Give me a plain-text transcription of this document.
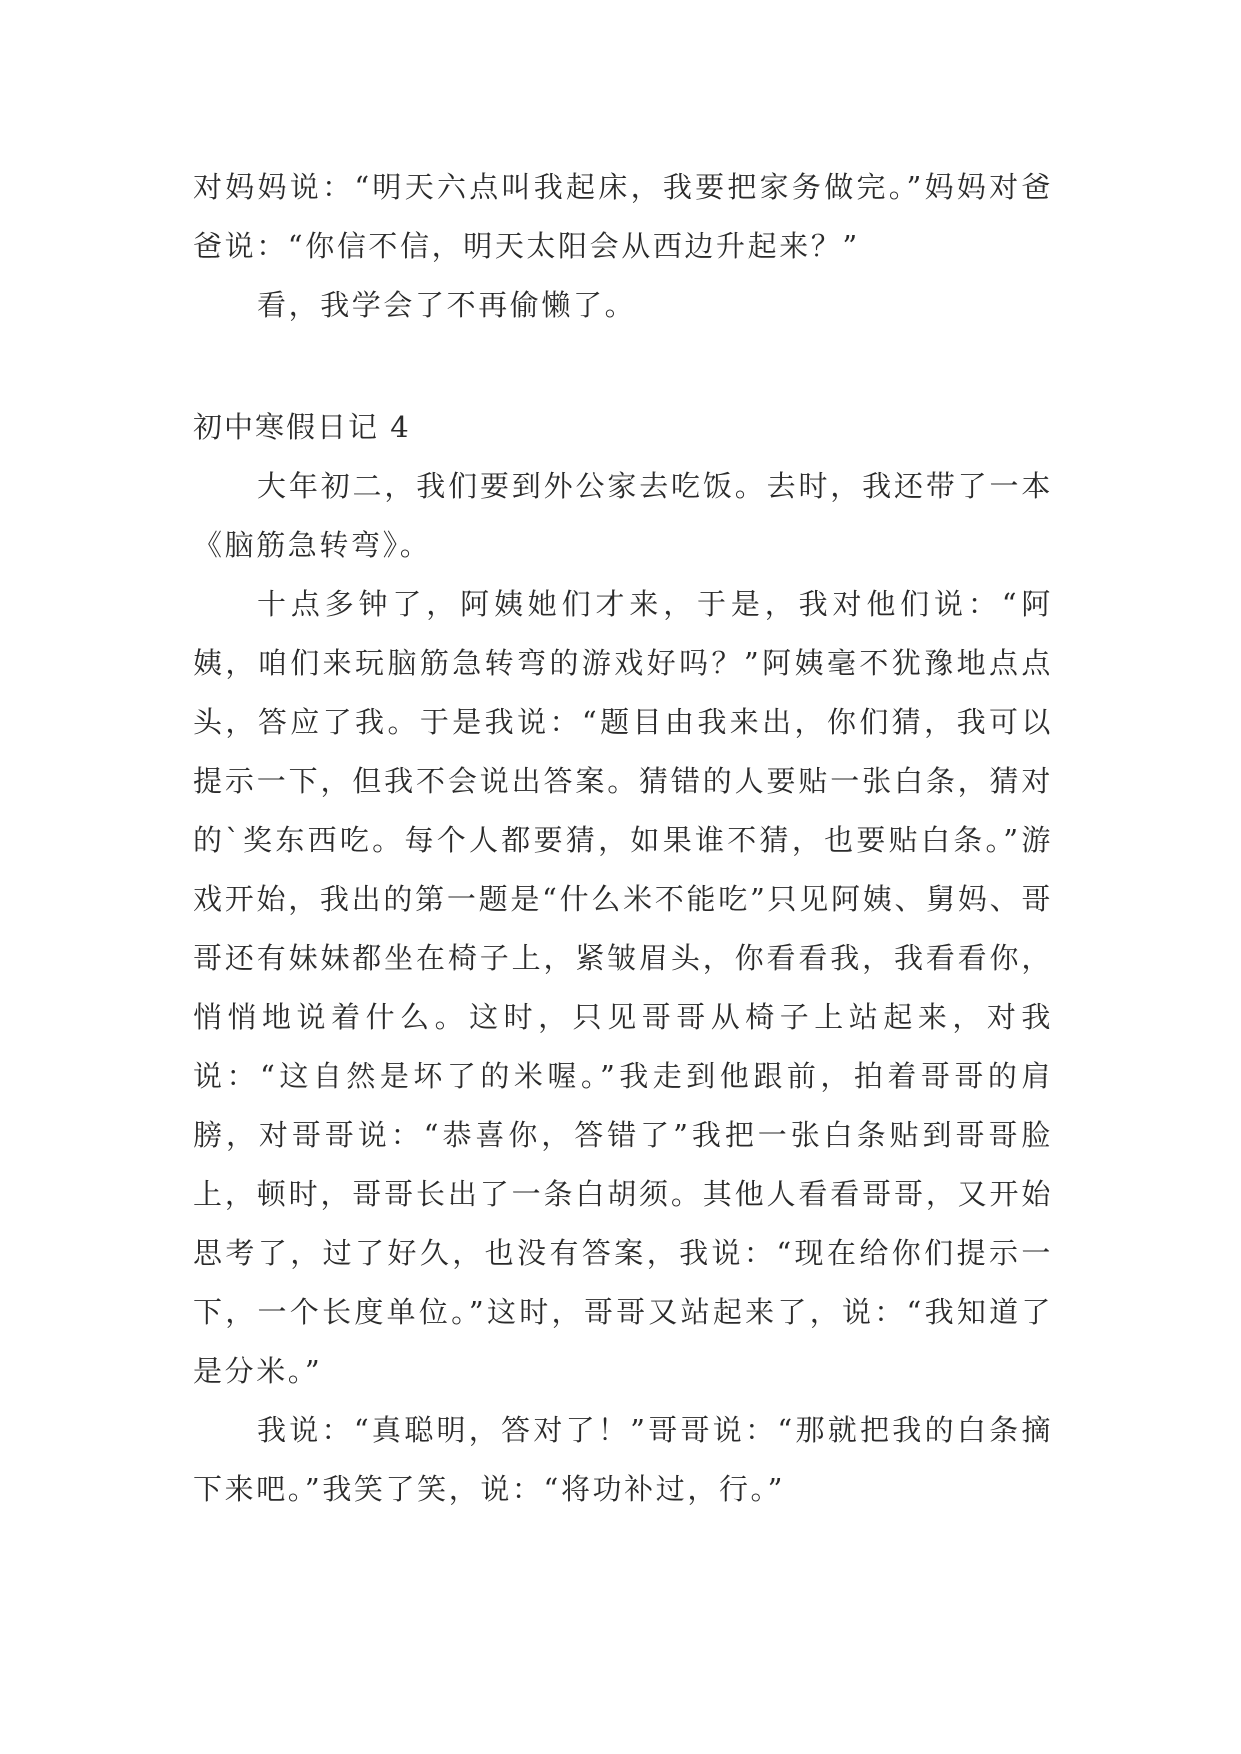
对妈妈说：“明天六点叫我起床，我要把家务做完。”妈妈对爸爸说：“你信不信，明天太阳会从西边升起来？”

看，我学会了不再偷懒了。

初中寒假日记 4

大年初二，我们要到外公家去吃饭。去时，我还带了一本《脑筋急转弯》。

十点多钟了，阿姨她们才来，于是，我对他们说：“阿姨，咱们来玩脑筋急转弯的游戏好吗？”阿姨毫不犹豫地点点头，答应了我。于是我说：“题目由我来出，你们猜，我可以提示一下，但我不会说出答案。猜错的人要贴一张白条，猜对的`奖东西吃。每个人都要猜，如果谁不猜，也要贴白条。”游戏开始，我出的第一题是“什么米不能吃”只见阿姨、舅妈、哥哥还有妹妹都坐在椅子上，紧皱眉头，你看看我，我看看你，悄悄地说着什么。这时，只见哥哥从椅子上站起来，对我说：“这自然是坏了的米喔。”我走到他跟前，拍着哥哥的肩膀，对哥哥说：“恭喜你，答错了”我把一张白条贴到哥哥脸上，顿时，哥哥长出了一条白胡须。其他人看看哥哥，又开始思考了，过了好久，也没有答案，我说：“现在给你们提示一下，一个长度单位。”这时，哥哥又站起来了，说：“我知道了是分米。”

我说：“真聪明，答对了！”哥哥说：“那就把我的白条摘下来吧。”我笑了笑，说：“将功补过，行。”
